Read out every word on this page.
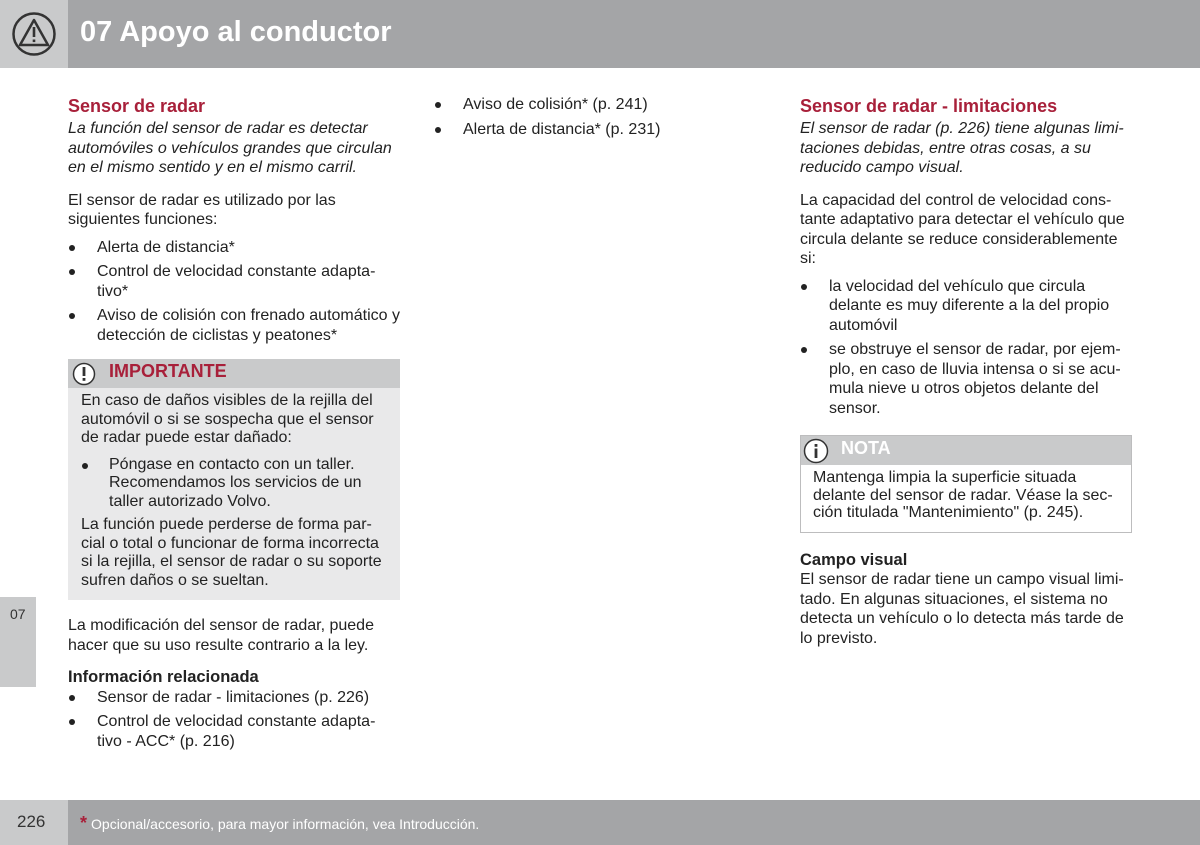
07 Apoyo al conductor
07
Sensor de radar
La función del sensor de radar es detectar automóviles o vehículos grandes que circulan en el mismo sentido y en el mismo carril.

El sensor de radar es utilizado por las siguientes funciones:

Alerta de distancia*
Control de velocidad constante adapta-tivo*
Aviso de colisión con frenado automático y detección de ciclistas y peatones*
IMPORTANTE
En caso de daños visibles de la rejilla del automóvil o si se sospecha que el sensor de radar puede estar dañado:
Póngase en contacto con un taller. Recomendamos los servicios de un taller autorizado Volvo.
La función puede perderse de forma par-cial o total o funcionar de forma incorrecta si la rejilla, el sensor de radar o su soporte sufren daños o se sueltan.

La modificación del sensor de radar, puede hacer que su uso resulte contrario a la ley.

Información relacionada
Sensor de radar - limitaciones (p. 226)
Control de velocidad constante adapta-tivo - ACC* (p. 216)
Aviso de colisión* (p. 241)
Alerta de distancia* (p. 231)
Sensor de radar - limitaciones
El sensor de radar (p. 226) tiene algunas limi-taciones debidas, entre otras cosas, a su reducido campo visual.

La capacidad del control de velocidad cons-tante adaptativo para detectar el vehículo que circula delante se reduce considerablemente si:

la velocidad del vehículo que circula delante es muy diferente a la del propio automóvil
se obstruye el sensor de radar, por ejem-plo, en caso de lluvia intensa o si se acu-mula nieve u otros objetos delante del sensor.
NOTA
Mantenga limpia la superficie situada delante del sensor de radar. Véase la sec-ción titulada "Mantenimiento" (p. 245).
Campo visual
El sensor de radar tiene un campo visual limi-tado. En algunas situaciones, el sistema no detecta un vehículo o lo detecta más tarde de lo previsto.
226 * Opcional/accesorio, para mayor información, vea Introducción.
